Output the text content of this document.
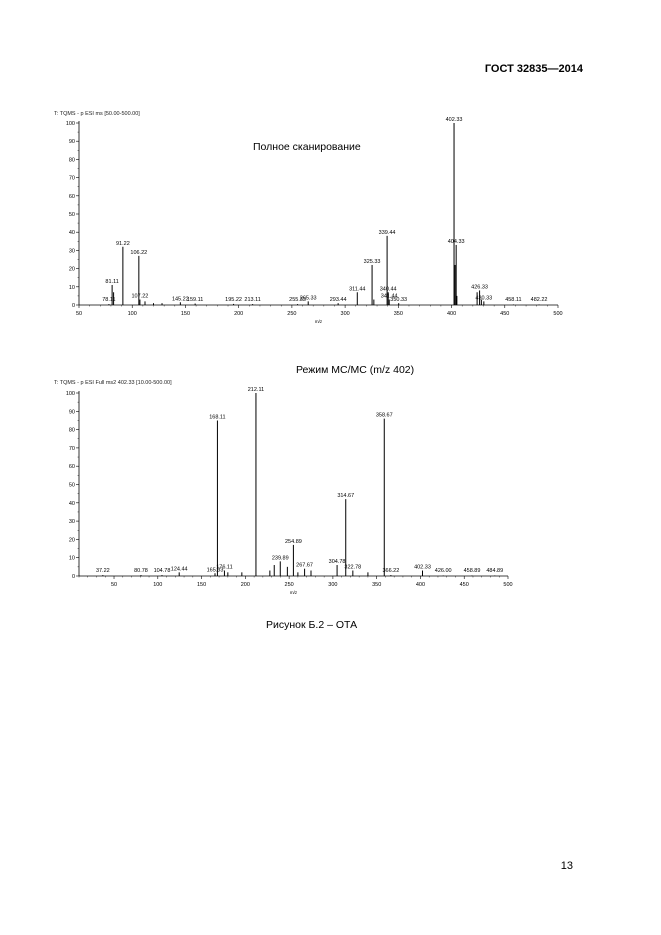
ГОСТ 32835—2014
Полное сканирование
Режим МС/МС (m/z 402)
Рисунок Б.2 – ОТА
13
T: TQMS - p ESI ms [50.00-500.00]
0
10
20
30
40
50
60
70
80
90
100
50	100	150	200	250	300	350	400	450	500
m/z
78.11
81.11
91.22
106.22
107.22	145.22
159.11	195.22 213.11	255.33
265.33 293.44
311.44
325.33
339.44
340.44
341.44
350.33
402.33
404.33
426.33
430.33 458.11 482.22
T: TQMS - p ESI Full ms2 402.33 [10.00-500.00]
0
10
20
30
40
50
60
70
80
90
100
50	100	150	200	250	300	350	400	450	500
m/z
37.22	80.78 104.78 124.44	165.33
168.11
176.11
212.11
239.89
254.89
267.67
304.78
314.67
322.78
358.67
366.22
402.33
426.00 458.89 484.89
